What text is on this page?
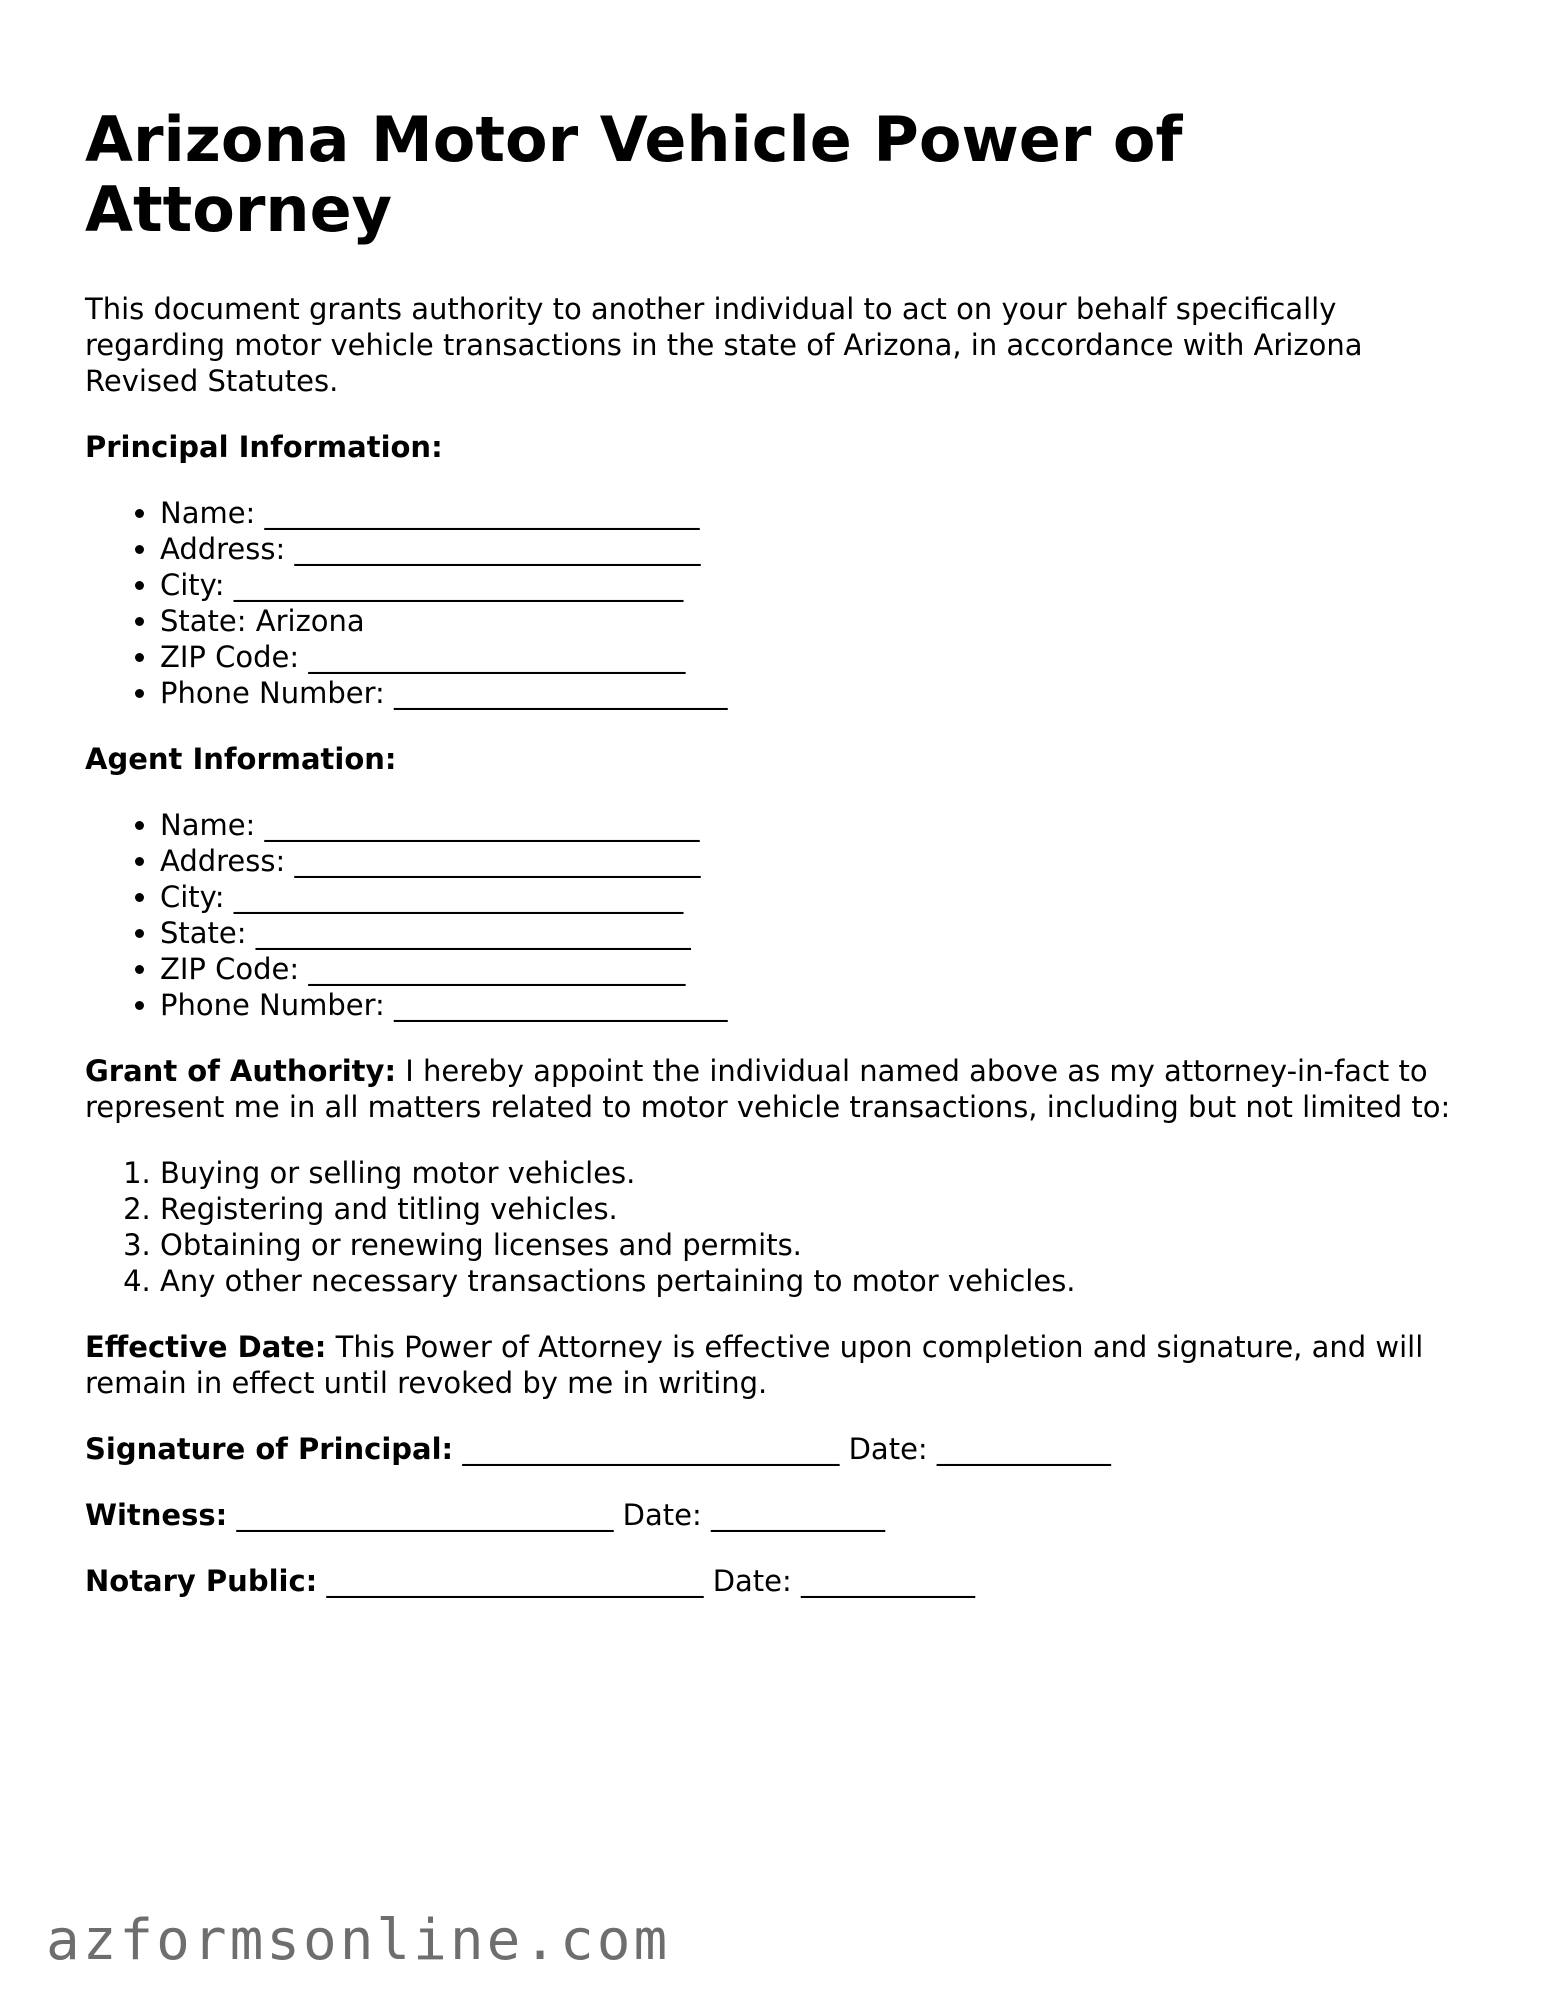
Arizona Motor Vehicle Power of Attorney

This document grants authority to another individual to act on your behalf specifically regarding motor vehicle transactions in the state of Arizona, in accordance with Arizona Revised Statutes.

Principal Information:

• Name: ______________________________
• Address: ____________________________
• City: _______________________________
• State: Arizona
• ZIP Code: __________________________
• Phone Number: _______________________

Agent Information:

• Name: ______________________________
• Address: ____________________________
• City: _______________________________
• State: ______________________________
• ZIP Code: __________________________
• Phone Number: _______________________

Grant of Authority: I hereby appoint the individual named above as my attorney-in-fact to represent me in all matters related to motor vehicle transactions, including but not limited to:

1. Buying or selling motor vehicles.
2. Registering and titling vehicles.
3. Obtaining or renewing licenses and permits.
4. Any other necessary transactions pertaining to motor vehicles.

Effective Date: This Power of Attorney is effective upon completion and signature, and will remain in effect until revoked by me in writing.

Signature of Principal: __________________________ Date: ____________

Witness: __________________________ Date: ____________

Notary Public: __________________________ Date: ____________

azformsonline.com
